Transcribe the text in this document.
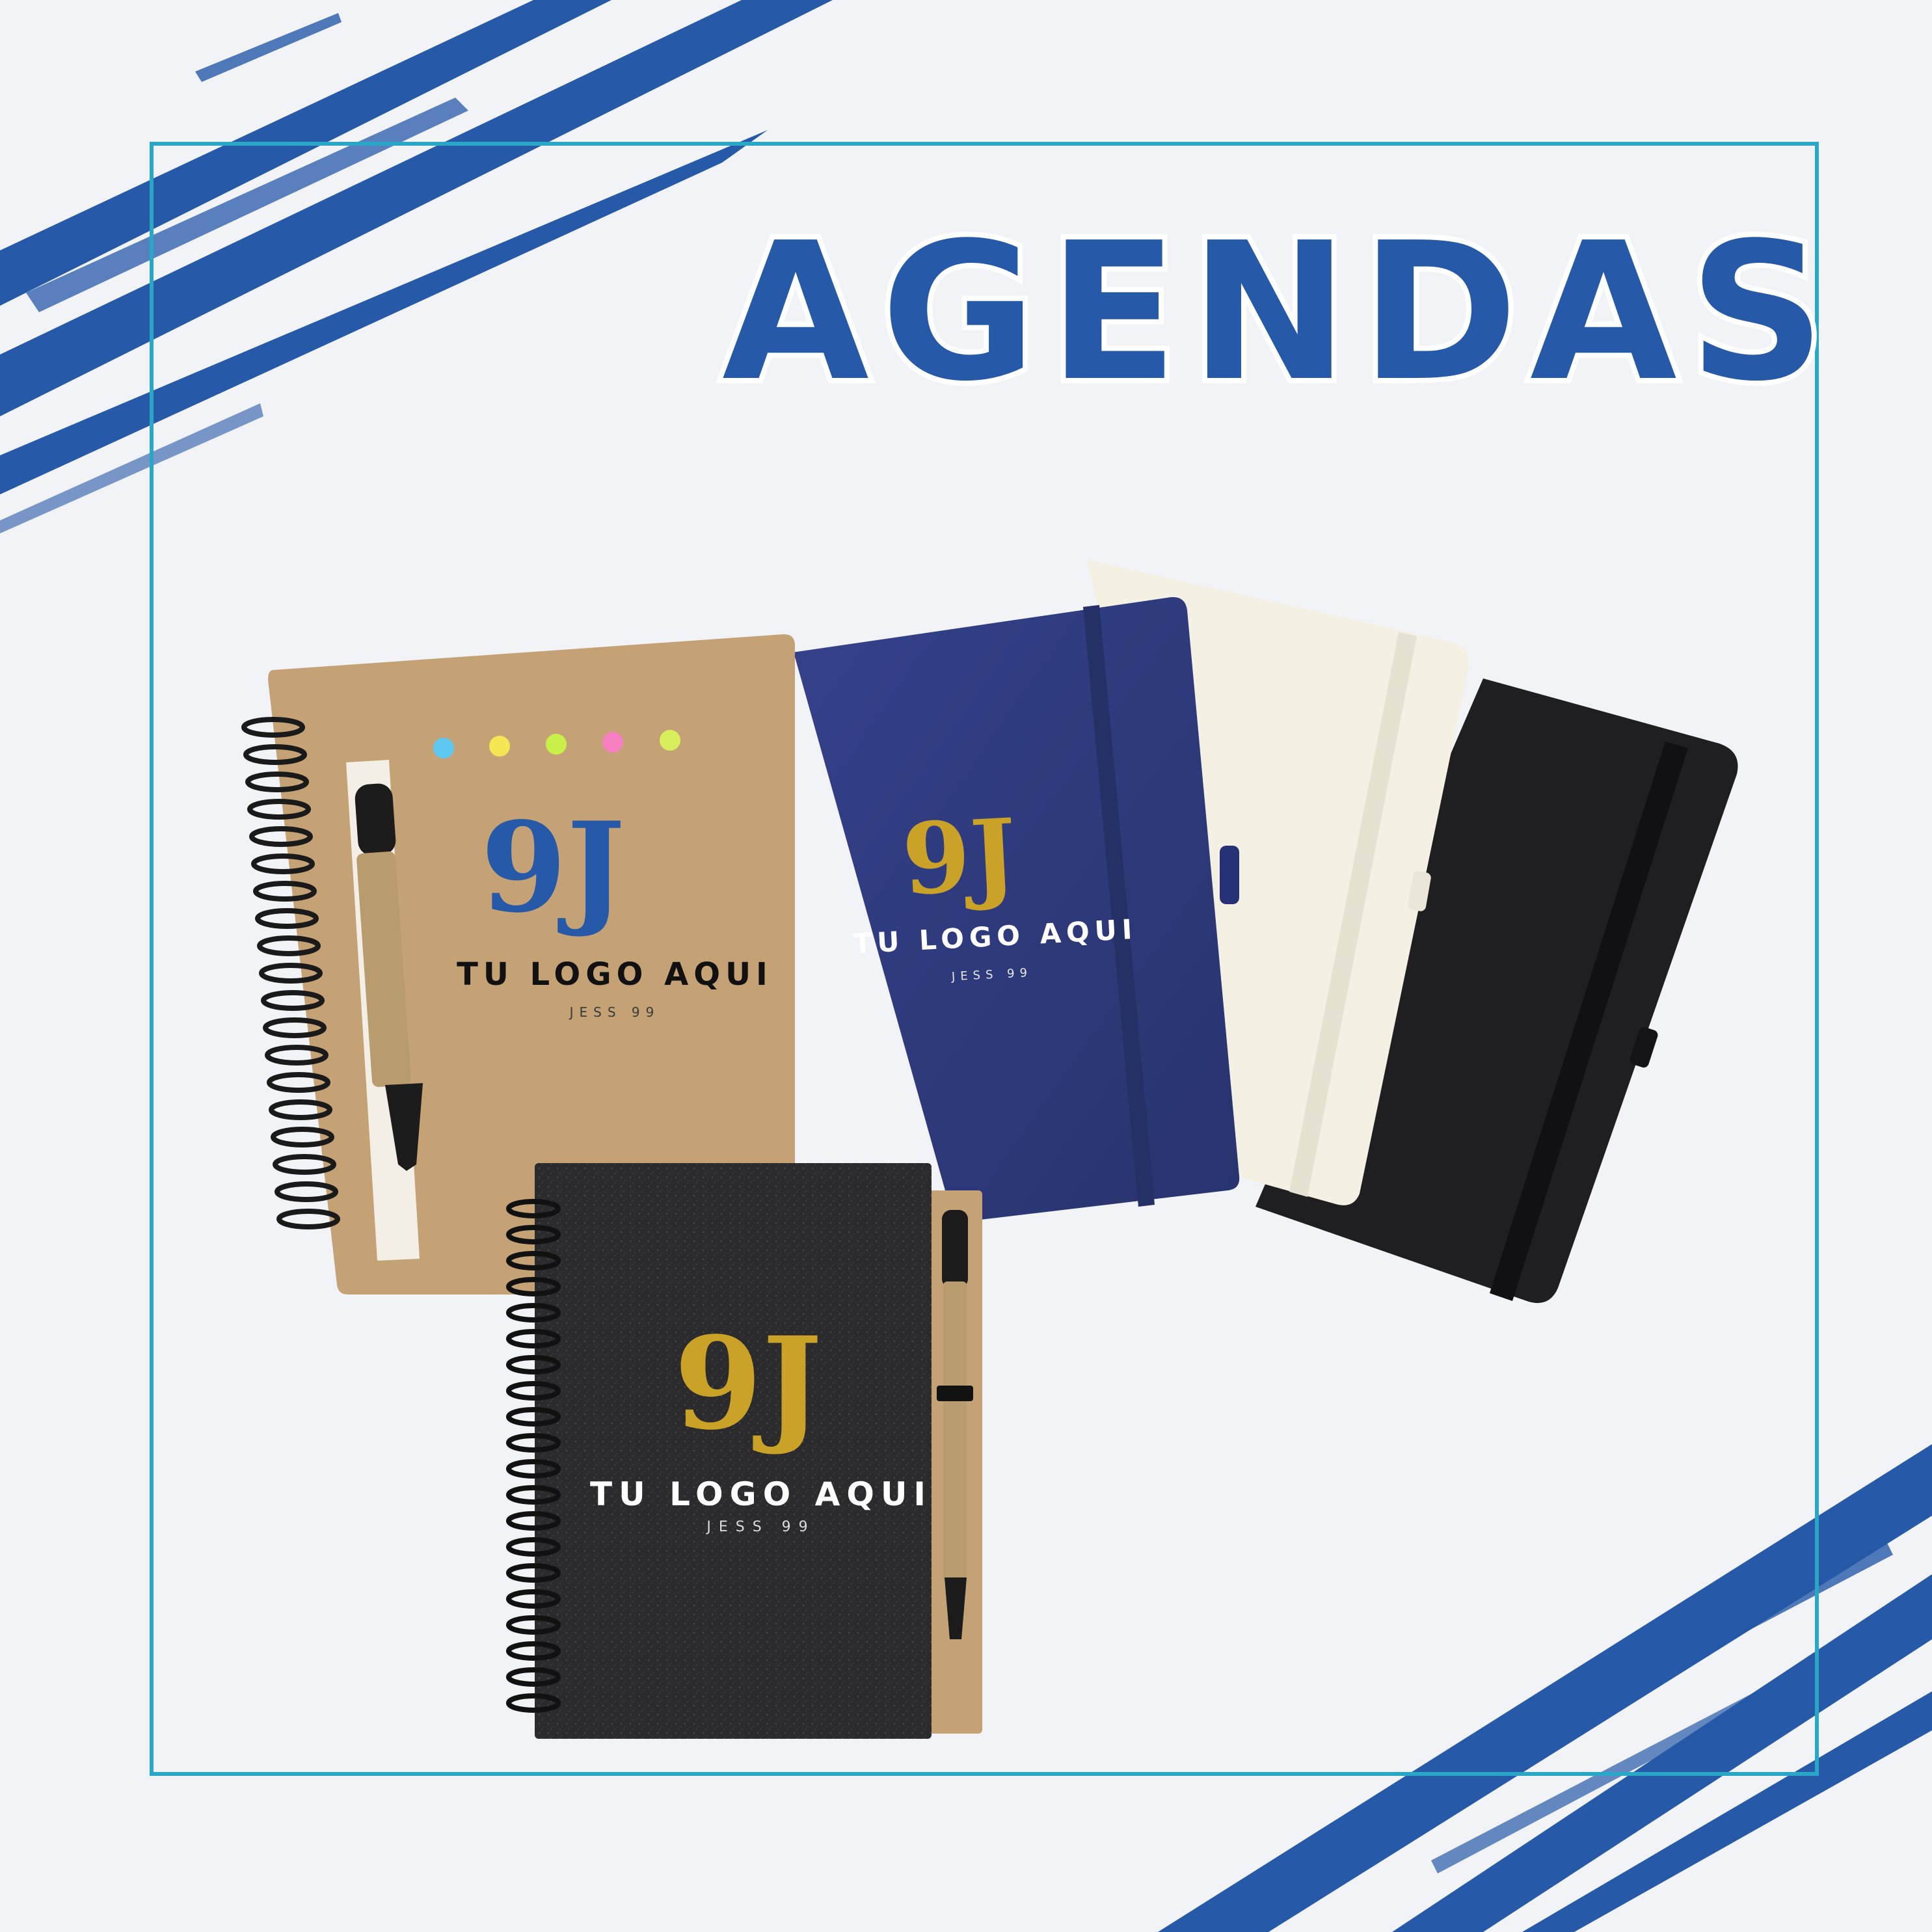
9J	9J
9J
AGENDAS
TU LOGO AQUI
JESS 99
TU LOGO AQUI
JESS 99
TU LOGO AQUI
JESS 99
